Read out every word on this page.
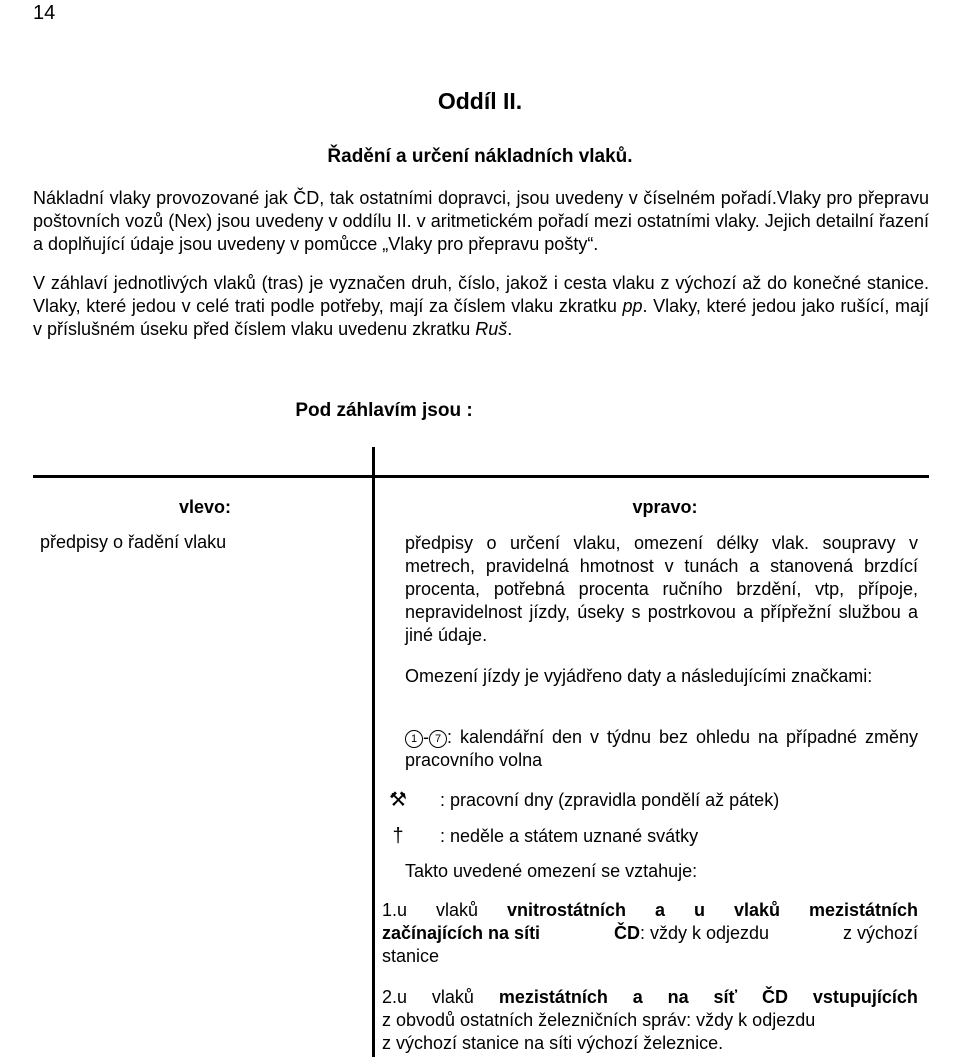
14
Oddíl II.
Řadění a určení nákladních vlaků.
Nákladní vlaky provozované jak ČD, tak ostatními dopravci, jsou uvedeny v číselném pořadí.Vlaky pro přepravu poštovních vozů (Nex) jsou uvedeny v oddílu II. v aritmetickém pořadí mezi ostatními vlaky. Jejich detailní řazení a doplňující údaje jsou uvedeny v pomůcce „Vlaky pro přepravu pošty“.
V záhlaví jednotlivých vlaků (tras) je vyznačen druh, číslo, jakož i cesta vlaku z výchozí až do konečné stanice. Vlaky, které jedou v celé trati podle potřeby, mají za číslem vlaku zkratku pp. Vlaky, které jedou jako rušící, mají v příslušném úseku před číslem vlaku uvedenu zkratku Ruš.
Pod záhlavím jsou :
vlevo:
předpisy o řadění vlaku
vpravo:
předpisy o určení vlaku, omezení délky vlak. soupravy v metrech, pravidelná hmotnost v tunách a stanovená brzdící procenta, potřebná procenta ručního brzdění, vtp, přípoje, nepravidelnost jízdy, úseky s postrkovou a přípřežní službou a jiné údaje.
Omezení jízdy je vyjádřeno daty a následujícími značkami:
1 - 7 : kalendářní den v týdnu bez ohledu na případné změny pracovního volna
⚒	: pracovní dny (zpravidla pondělí až pátek)
†	: neděle a státem uznané svátky
Takto uvedené omezení se vztahuje:
1.u vlaků vnitrostátních a u vlaků mezistátních
začínajících na síti	ČD: vždy k odjezdu	z výchozí
stanice
2.u vlaků mezistátních a na síť ČD vstupujících
z obvodů ostatních železničních správ: vždy k odjezdu
z výchozí stanice na síti výchozí železnice.
